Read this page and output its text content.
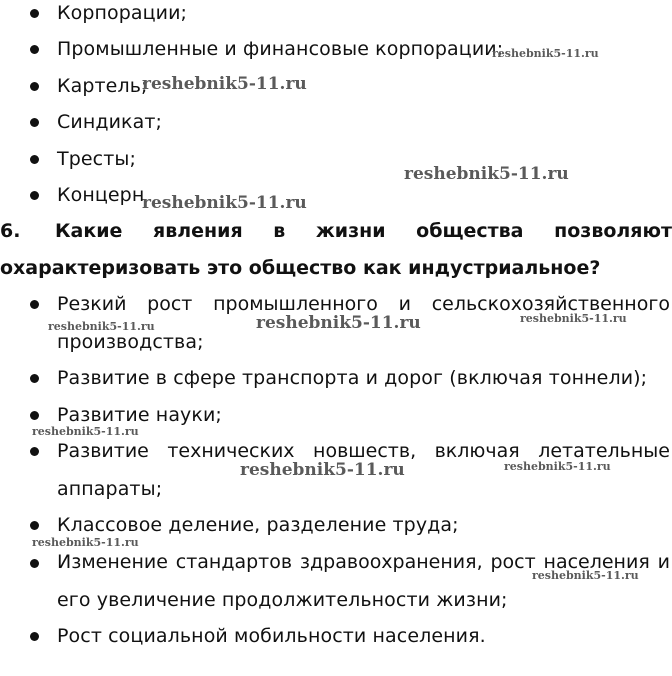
Корпорации;
Промышленные и финансовые корпорации;
Картель;
Синдикат;
Тресты;
Концерн
6. Какие явления в жизни общества позволяют
охарактеризовать это общество как индустриальное?
Резкий рост промышленного и сельскохозяйственного
производства;
Развитие в сфере транспорта и дорог (включая тоннели);
Развитие науки;
Развитие технических новшеств, включая летательные
аппараты;
Классовое деление, разделение труда;
Изменение стандартов здравоохранения, рост населения и
его увеличение продолжительности жизни;
Рост социальной мобильности населения.
reshebnik5-11.ru
reshebnik5-11.ru
reshebnik5-11.ru
reshebnik5-11.ru
reshebnik5-11.ru
reshebnik5-11.ru	reshebnik5-11.ru
reshebnik5-11.ru
reshebnik5-11.ru	reshebnik5-11.ru
reshebnik5-11.ru
reshebnik5-11.ru
